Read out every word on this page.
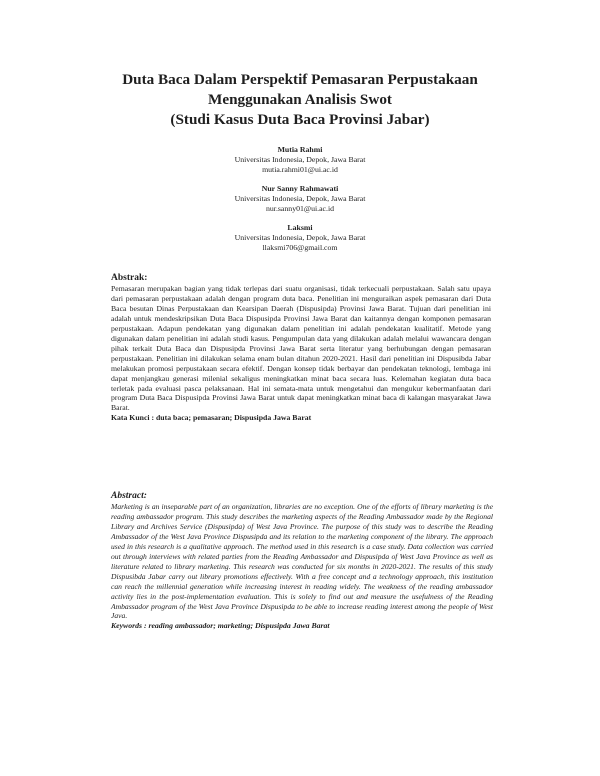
Duta Baca Dalam Perspektif Pemasaran Perpustakaan
Menggunakan Analisis Swot
(Studi Kasus Duta Baca Provinsi Jabar)
Mutia Rahmi
Universitas Indonesia, Depok, Jawa Barat
mutia.rahmi01@ui.ac.id
Nur Sanny Rahmawati
Universitas Indonesia, Depok, Jawa Barat
nur.sanny01@ui.ac.id
Laksmi
Universitas Indonesia, Depok, Jawa Barat
llaksmi706@gmail.com
Abstrak:

Pemasaran merupakan bagian yang tidak terlepas dari suatu organisasi, tidak terkecuali perpustakaan. Salah satu upaya dari pemasaran perpustakaan adalah dengan program duta baca. Penelitian ini menguraikan aspek pemasaran dari Duta Baca besutan Dinas Perpustakaan dan Kearsipan Daerah (Dispusipda) Provinsi Jawa Barat. Tujuan dari penelitian ini adalah untuk mendeskripsikan Duta Baca Dispusipda Provinsi Jawa Barat dan kaitannya dengan komponen pemasaran perpustakaan. Adapun pendekatan yang digunakan dalam penelitian ini adalah pendekatan kualitatif. Metode yang digunakan dalam penelitian ini adalah studi kasus. Pengumpulan data yang dilakukan adalah melalui wawancara dengan pihak terkait Duta Baca dan Dispusipda Provinsi Jawa Barat serta literatur yang berhubungan dengan pemasaran perpustakaan. Penelitian ini dilakukan selama enam bulan ditahun 2020-2021. Hasil dari penelitian ini Dispusibda Jabar melakukan promosi perpustakaan secara efektif. Dengan konsep tidak berbayar dan pendekatan teknologi, lembaga ini dapat menjangkau generasi milenial sekaligus meningkatkan minat baca secara luas. Kelemahan kegiatan duta baca terletak pada evaluasi pasca pelaksanaan. Hal ini semata-mata untuk mengetahui dan mengukur kebermanfaatan dari program Duta Baca Dispusipda Provinsi Jawa Barat untuk dapat meningkatkan minat baca di kalangan masyarakat Jawa Barat.

Kata Kunci : duta baca; pemasaran; Dispusipda Jawa Barat
Abstract:

Marketing is an inseparable part of an organization, libraries are no exception. One of the efforts of library marketing is the reading ambassador program. This study describes the marketing aspects of the Reading Ambassador made by the Regional Library and Archives Service (Dispusipda) of West Java Province. The purpose of this study was to describe the Reading Ambassador of the West Java Province Dispusipda and its relation to the marketing component of the library. The approach used in this research is a qualitative approach. The method used in this research is a case study. Data collection was carried out through interviews with related parties from the Reading Ambassador and Dispusipda of West Java Province as well as literature related to library marketing. This research was conducted for six months in 2020-2021. The results of this study Dispusibda Jabar carry out library promotions effectively. With a free concept and a technology approach, this institution can reach the millennial generation while increasing interest in reading widely. The weakness of the reading ambassador activity lies in the post-implementation evaluation. This is solely to find out and measure the usefulness of the Reading Ambassador program of the West Java Province Dispusipda to be able to increase reading interest among the people of West Java.

Keywords : reading ambassador; marketing; Dispusipda Jawa Barat
